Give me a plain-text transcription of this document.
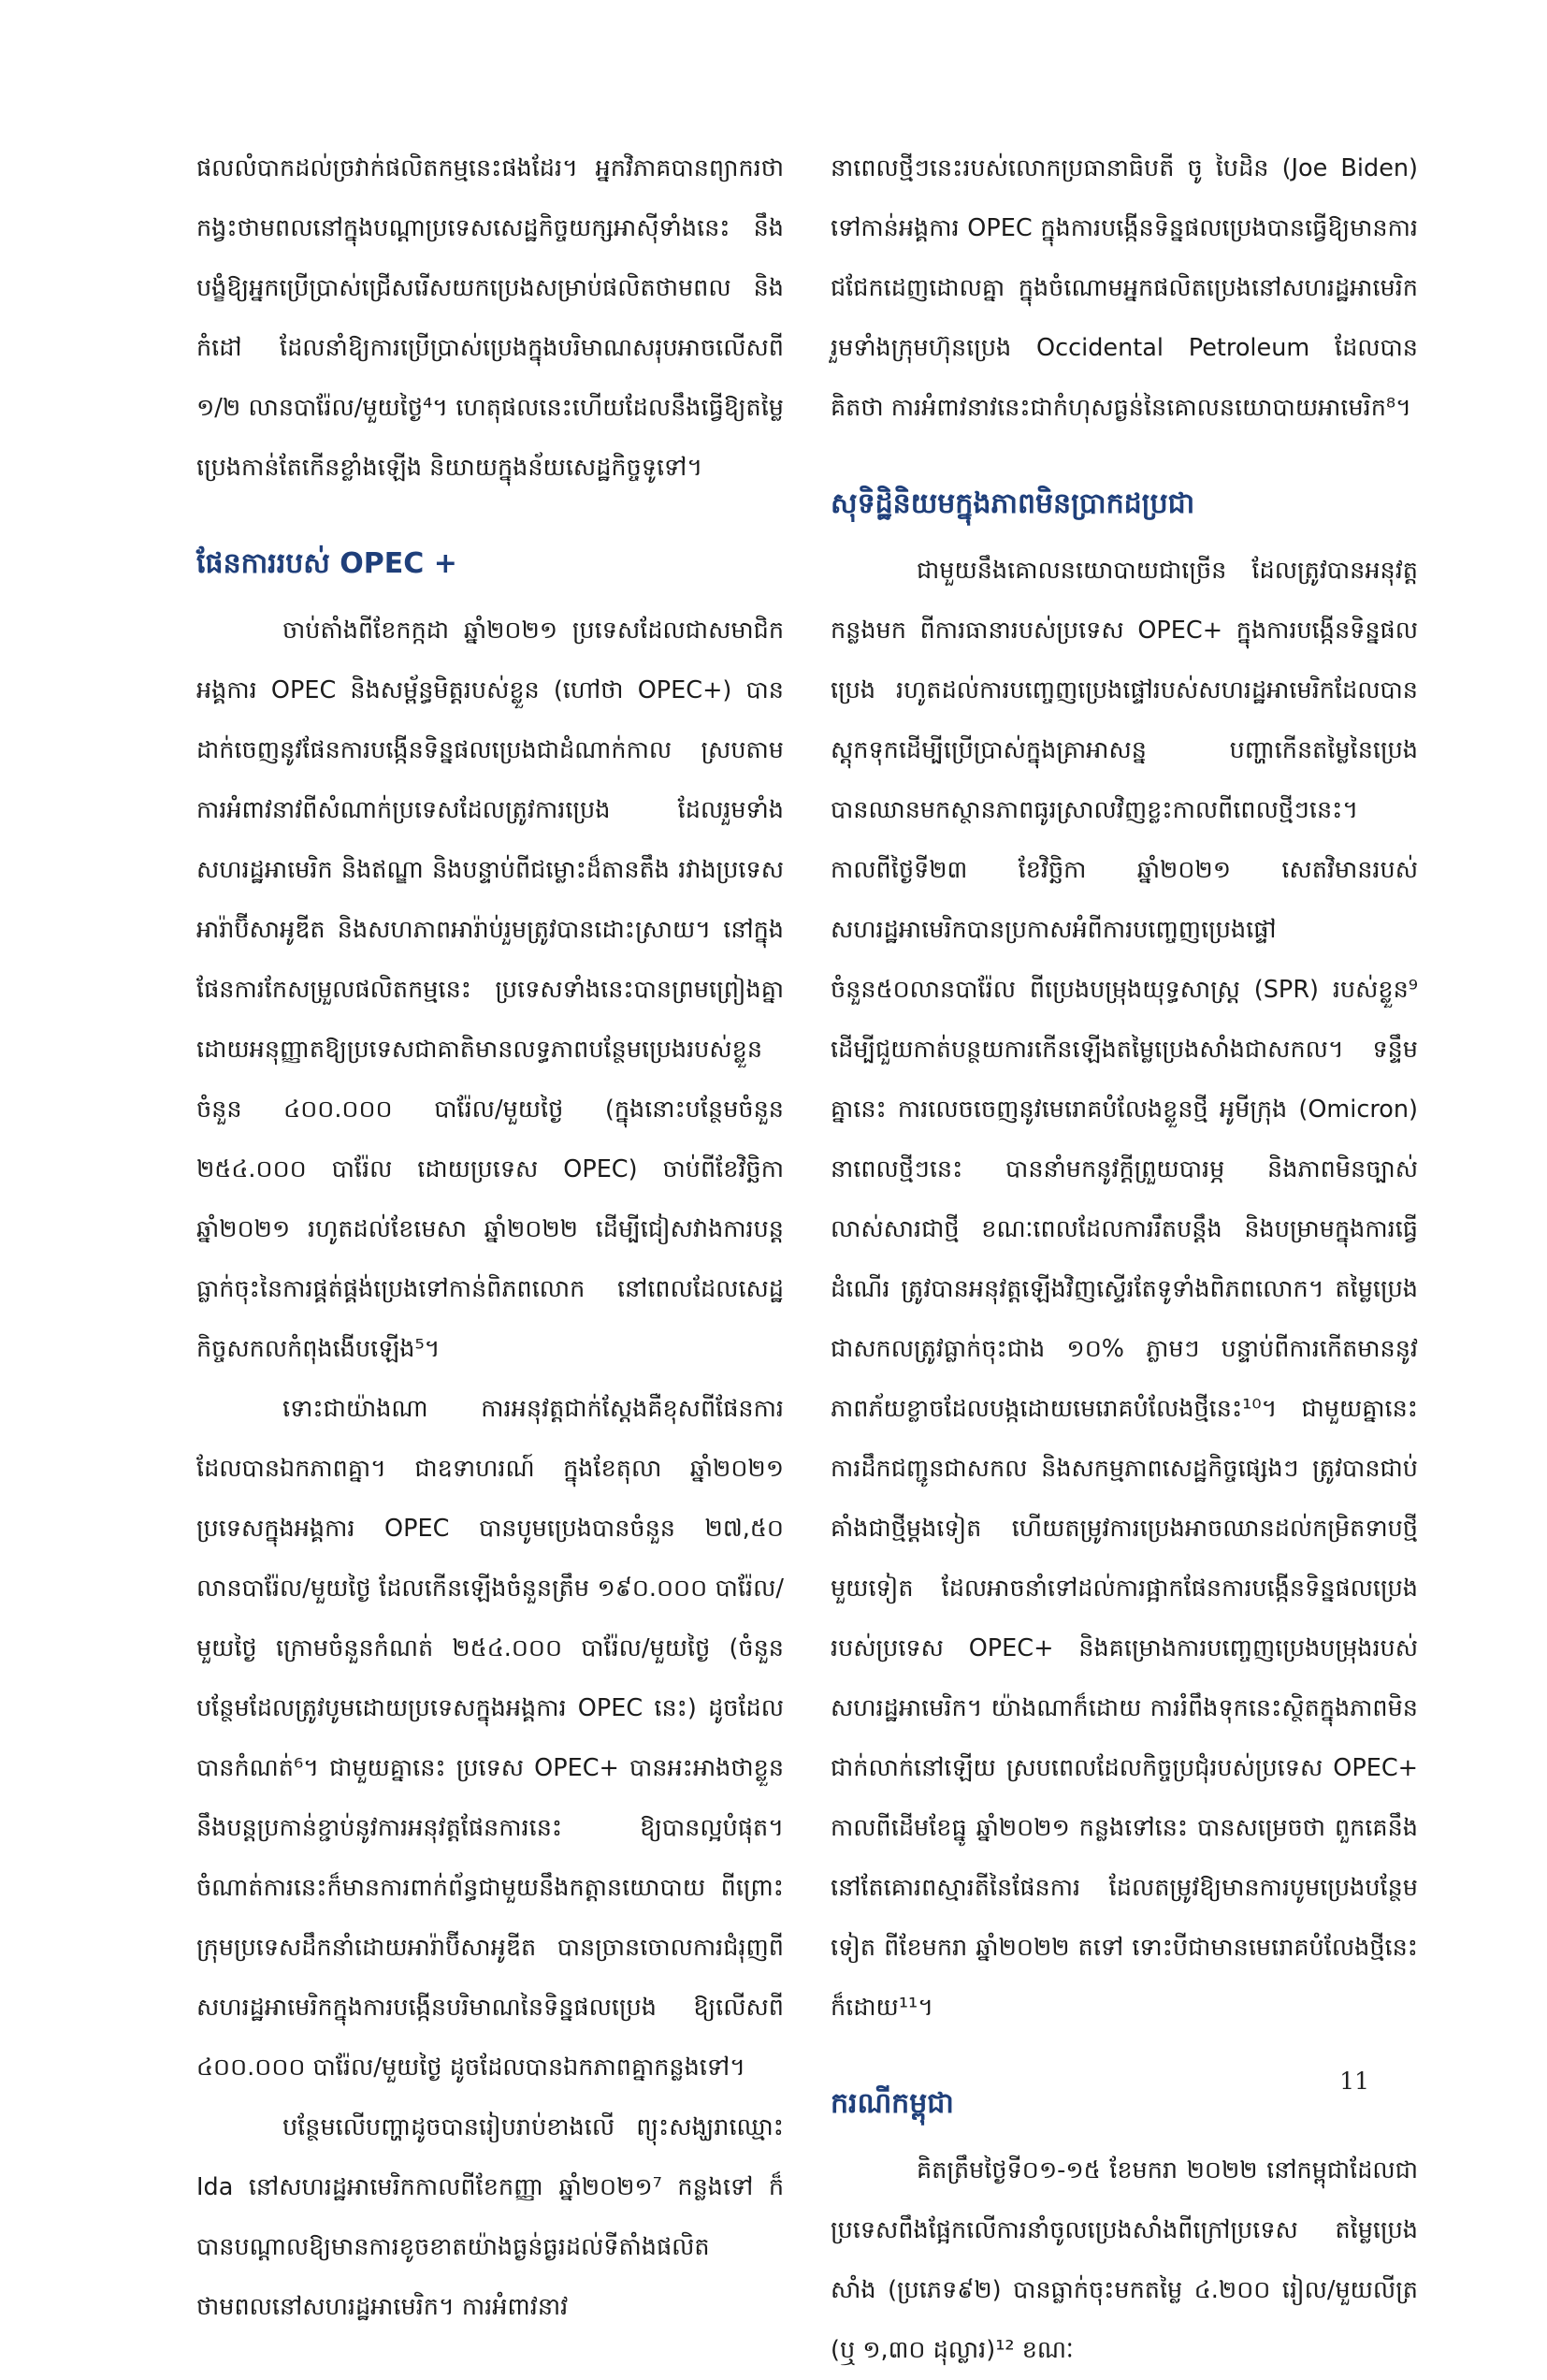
ផលលំបាកដល់ច្រវាក់ផលិតកម្មនេះផងដែរ។ អ្នកវិភាគបានព្យាករថា កង្វះថាមពលនៅក្នុងបណ្ដាប្រទេសសេដ្ឋកិច្ចយក្សអាស៊ីទាំងនេះ នឹងបង្ខំឱ្យអ្នកប្រើប្រាស់ជ្រើសរើសយកប្រេងសម្រាប់ផលិតថាមពល និងកំដៅ ដែលនាំឱ្យការប្រើប្រាស់ប្រេងក្នុងបរិមាណសរុបអាចលើសពី ១/២ លានបារ៉ែល/មួយថ្ងៃ⁴។ ហេតុផលនេះហើយដែលនឹងធ្វើឱ្យតម្លៃប្រេងកាន់តែកើនខ្លាំងឡើង និយាយក្នុងន័យសេដ្ឋកិច្ចទូទៅ។

ផែនការរបស់ OPEC +

ចាប់តាំងពីខែកក្កដា ឆ្នាំ២០២១ ប្រទេសដែលជាសមាជិកអង្គការ OPEC និងសម្ព័ន្ធមិត្តរបស់ខ្លួន (ហៅថា OPEC+) បានដាក់ចេញនូវផែនការបង្កើនទិន្នផលប្រេងជាដំណាក់កាល ស្របតាមការអំពាវនាវពីសំណាក់ប្រទេសដែលត្រូវការប្រេង ដែលរួមទាំងសហរដ្ឋអាមេរិក និងឥណ្ឌា និងបន្ទាប់ពីជម្លោះដ៏តានតឹង រវាងប្រទេសអារ៉ាប៊ីសាអូឌីត និងសហភាពអារ៉ាប់រួមត្រូវបានដោះស្រាយ។ នៅក្នុងផែនការកែសម្រួលផលិតកម្មនេះ ប្រទេសទាំងនេះបានព្រមព្រៀងគ្នា ដោយអនុញ្ញាតឱ្យប្រទេសជាគាតិមានលទ្ធភាពបន្ថែមប្រេងរបស់ខ្លួនចំនួន ៤០០.០០០ បារ៉ែល/មួយថ្ងៃ (ក្នុងនោះបន្ថែមចំនួន ២៥៤.០០០ បារ៉ែល ដោយប្រទេស OPEC) ចាប់ពីខែវិច្ឆិកា ឆ្នាំ២០២១ រហូតដល់ខែមេសា ឆ្នាំ២០២២ ដើម្បីជៀសវាងការបន្តធ្លាក់ចុះនៃការផ្គត់ផ្គង់ប្រេងទៅកាន់ពិភពលោក នៅពេលដែលសេដ្ឋកិច្ចសកលកំពុងងើបឡើង⁵។

ទោះជាយ៉ាងណា ការអនុវត្តជាក់ស្ដែងគឺខុសពីផែនការដែលបានឯកភាពគ្នា។ ជាឧទាហរណ៍ ក្នុងខែតុលា ឆ្នាំ២០២១ ប្រទេសក្នុងអង្គការ OPEC បានបូមប្រេងបានចំនួន ២៧,៥០ លានបារ៉ែល/មួយថ្ងៃ ដែលកើនឡើងចំនួនត្រឹម ១៩០.០០០ បារ៉ែល/មួយថ្ងៃ ក្រោមចំនួនកំណត់ ២៥៤.០០០ បារ៉ែល/មួយថ្ងៃ (ចំនួនបន្ថែមដែលត្រូវបូមដោយប្រទេសក្នុងអង្គការ OPEC នេះ) ដូចដែលបានកំណត់⁶។ ជាមួយគ្នានេះ ប្រទេស OPEC+ បានអះអាងថាខ្លួននឹងបន្តប្រកាន់ខ្ជាប់នូវការអនុវត្តផែនការនេះ ឱ្យបានល្អបំផុត។ ចំណាត់ការនេះក៏មានការពាក់ព័ន្ធជាមួយនឹងកត្តានយោបាយ ពីព្រោះក្រុមប្រទេសដឹកនាំដោយអារ៉ាប៊ីសាអូឌីត បានច្រានចោលការជំរុញពីសហរដ្ឋអាមេរិកក្នុងការបង្កើនបរិមាណនៃទិន្នផលប្រេង ឱ្យលើសពី ៤០០.០០០ បារ៉ែល/មួយថ្ងៃ ដូចដែលបានឯកភាពគ្នាកន្លងទៅ។

បន្ថែមលើបញ្ហាដូចបានរៀបរាប់ខាងលើ ព្យុះសង្ឃរាឈ្មោះ Ida នៅសហរដ្ឋអាមេរិកកាលពីខែកញ្ញា ឆ្នាំ២០២១⁷ កន្លងទៅ ក៏បានបណ្ដាលឱ្យមានការខូចខាតយ៉ាងធ្ងន់ធ្ងរដល់ទីតាំងផលិតថាមពលនៅសហរដ្ឋអាមេរិក។ ការអំពាវនាវ

នាពេលថ្មីៗនេះរបស់លោកប្រធានាធិបតី ចូ បៃដិន (Joe Biden) ទៅកាន់អង្គការ OPEC ក្នុងការបង្កើនទិន្នផលប្រេងបានធ្វើឱ្យមានការជជែកដេញដោលគ្នា ក្នុងចំណោមអ្នកផលិតប្រេងនៅសហរដ្ឋអាមេរិក រួមទាំងក្រុមហ៊ុនប្រេង Occidental Petroleum ដែលបានគិតថា ការអំពាវនាវនេះជាកំហុសធ្ងន់នៃគោលនយោបាយអាមេរិក⁸។

សុទិដ្ឋិនិយមក្នុងភាពមិនប្រាកដប្រជា

ជាមួយនឹងគោលនយោបាយជាច្រើន ដែលត្រូវបានអនុវត្តកន្លងមក ពីការធានារបស់ប្រទេស OPEC+ ក្នុងការបង្កើនទិន្នផលប្រេង រហូតដល់ការបញ្ចេញប្រេងផ្ទៅរបស់សហរដ្ឋអាមេរិកដែលបានស្តុកទុកដើម្បីប្រើប្រាស់ក្នុងគ្រាអាសន្ន បញ្ហាកើនតម្លៃនៃប្រេងបានឈានមកស្ថានភាពធូរស្រាលវិញខ្លះកាលពីពេលថ្មីៗនេះ។ កាលពីថ្ងៃទី២៣ ខែវិច្ឆិកា ឆ្នាំ២០២១ សេតវិមានរបស់សហរដ្ឋអាមេរិកបានប្រកាសអំពីការបញ្ចេញប្រេងផ្ទៅចំនួន៥០លានបារ៉ែល ពីប្រេងបម្រុងយុទ្ធសាស្ត្រ (SPR) របស់ខ្លួន⁹ ដើម្បីជួយកាត់បន្ថយការកើនឡើងតម្លៃប្រេងសាំងជាសកល។ ទន្ទឹមគ្នានេះ ការលេចចេញនូវមេរោគបំលែងខ្លួនថ្មី អូមីក្រុង (Omicron) នាពេលថ្មីៗនេះ បាននាំមកនូវក្ដីព្រួយបារម្ភ និងភាពមិនច្បាស់លាស់សារជាថ្មី ខណៈពេលដែលការរឹតបន្តឹង និងបម្រាមក្នុងការធ្វើដំណើរ ត្រូវបានអនុវត្តឡើងវិញស្ទើរតែទូទាំងពិភពលោក។ តម្លៃប្រេងជាសកលត្រូវធ្លាក់ចុះជាង ១០% ភ្លាមៗ បន្ទាប់ពីការកើតមាននូវភាពភ័យខ្លាចដែលបង្កដោយមេរោគបំលែងថ្មីនេះ¹⁰។ ជាមួយគ្នានេះ ការដឹកជញ្ជូនជាសកល និងសកម្មភាពសេដ្ឋកិច្ចផ្សេងៗ ត្រូវបានជាប់គាំងជាថ្មីម្ដងទៀត ហើយតម្រូវការប្រេងអាចឈានដល់កម្រិតទាបថ្មីមួយទៀត ដែលអាចនាំទៅដល់ការផ្អាកផែនការបង្កើនទិន្នផលប្រេងរបស់ប្រទេស OPEC+ និងគម្រោងការបញ្ចេញប្រេងបម្រុងរបស់សហរដ្ឋអាមេរិក។ យ៉ាងណាក៏ដោយ ការរំពឹងទុកនេះស្ថិតក្នុងភាពមិនជាក់លាក់នៅឡើយ ស្របពេលដែលកិច្ចប្រជុំរបស់ប្រទេស OPEC+ កាលពីដើមខែធ្នូ ឆ្នាំ២០២១ កន្លងទៅនេះ បានសម្រេចថា ពួកគេនឹងនៅតែគោរពស្មារតីនៃផែនការ ដែលតម្រូវឱ្យមានការបូមប្រេងបន្ថែមទៀត ពីខែមករា ឆ្នាំ២០២២ តទៅ ទោះបីជាមានមេរោគបំលែងថ្មីនេះក៏ដោយ¹¹។

ករណីកម្ពុជា

គិតត្រឹមថ្ងៃទី០១-១៥ ខែមករា ២០២២ នៅកម្ពុជាដែលជាប្រទេសពឹងផ្អែកលើការនាំចូលប្រេងសាំងពីក្រៅប្រទេស តម្លៃប្រេងសាំង (ប្រភេទ៩២) បានធ្លាក់ចុះមកតម្លៃ ៤.២០០ រៀល/មួយលីត្រ (ឬ ១,៣០ ដុល្លារ)¹² ខណៈ

11
